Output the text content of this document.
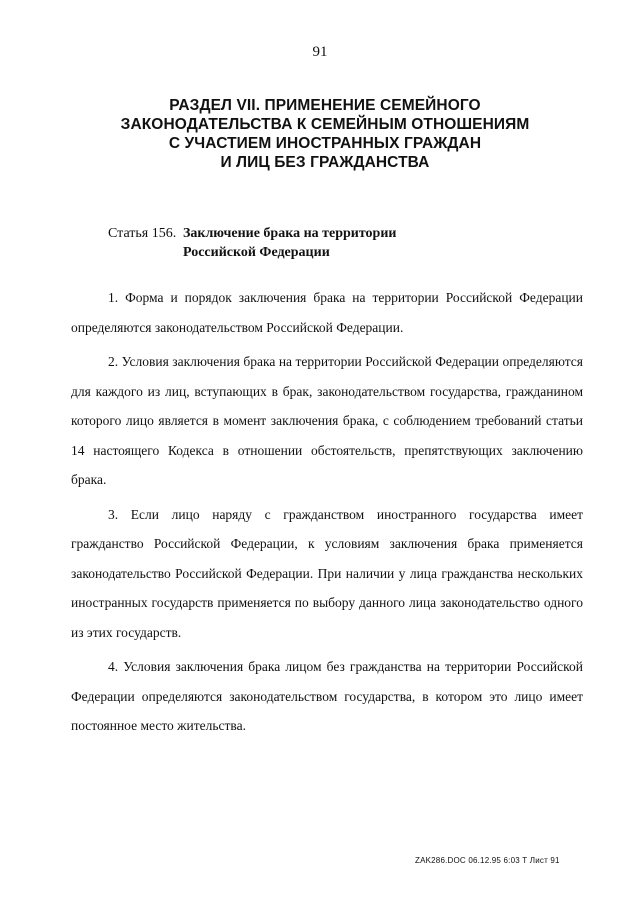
91
РАЗДЕЛ VII. ПРИМЕНЕНИЕ СЕМЕЙНОГО
ЗАКОНОДАТЕЛЬСТВА К СЕМЕЙНЫМ ОТНОШЕНИЯМ
С УЧАСТИЕМ ИНОСТРАННЫХ ГРАЖДАН
И ЛИЦ БЕЗ ГРАЖДАНСТВА
Статья 156. Заключение брака на территории
Российской Федерации

1. Форма и порядок заключения брака на территории Российской Федерации определяются законодательством Российской Федерации.

2. Условия заключения брака на территории Российской Федерации определяются для каждого из лиц, вступающих в брак, законодательством государства, гражданином которого лицо является в момент заключения брака, с соблюдением требований статьи 14 настоящего Кодекса в отношении обстоятельств, препятствующих заключению брака.

3. Если лицо наряду с гражданством иностранного государства имеет гражданство Российской Федерации, к условиям заключения брака применяется законодательство Российской Федерации. При наличии у лица гражданства нескольких иностранных государств применяется по выбору данного лица законодательство одного из этих государств.

4. Условия заключения брака лицом без гражданства на территории Российской Федерации определяются законодательством государства, в котором это лицо имеет постоянное место жительства.

ZAK286.DOC 06.12.95 6:03 Т Лист 91
